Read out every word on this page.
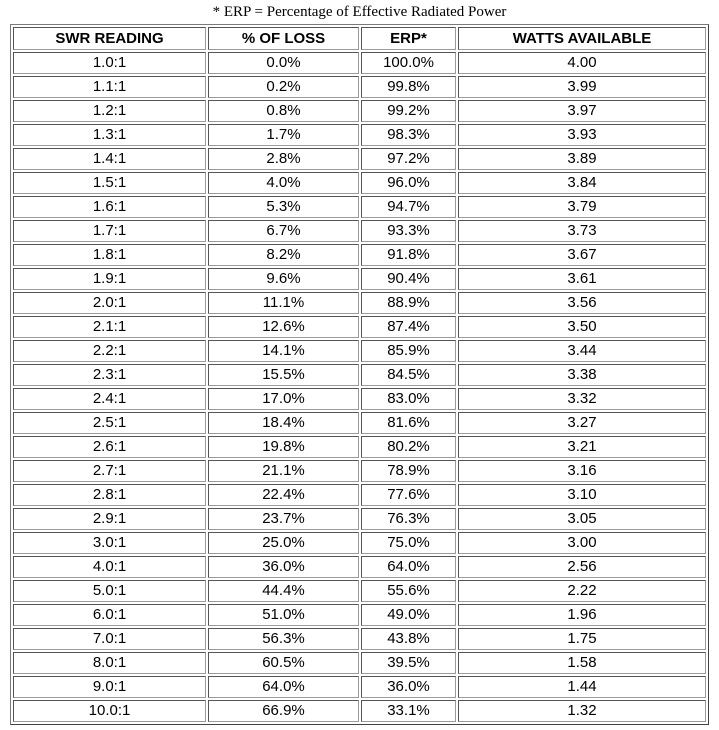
* ERP = Percentage of Effective Radiated Power
SWR READING	% OF LOSS	ERP*	WATTS AVAILABLE
1.0:1	0.0%	100.0%	4.00
1.1:1	0.2%	99.8%	3.99
1.2:1	0.8%	99.2%	3.97
1.3:1	1.7%	98.3%	3.93
1.4:1	2.8%	97.2%	3.89
1.5:1	4.0%	96.0%	3.84
1.6:1	5.3%	94.7%	3.79
1.7:1	6.7%	93.3%	3.73
1.8:1	8.2%	91.8%	3.67
1.9:1	9.6%	90.4%	3.61
2.0:1	11.1%	88.9%	3.56
2.1:1	12.6%	87.4%	3.50
2.2:1	14.1%	85.9%	3.44
2.3:1	15.5%	84.5%	3.38
2.4:1	17.0%	83.0%	3.32
2.5:1	18.4%	81.6%	3.27
2.6:1	19.8%	80.2%	3.21
2.7:1	21.1%	78.9%	3.16
2.8:1	22.4%	77.6%	3.10
2.9:1	23.7%	76.3%	3.05
3.0:1	25.0%	75.0%	3.00
4.0:1	36.0%	64.0%	2.56
5.0:1	44.4%	55.6%	2.22
6.0:1	51.0%	49.0%	1.96
7.0:1	56.3%	43.8%	1.75
8.0:1	60.5%	39.5%	1.58
9.0:1	64.0%	36.0%	1.44
10.0:1	66.9%	33.1%	1.32
